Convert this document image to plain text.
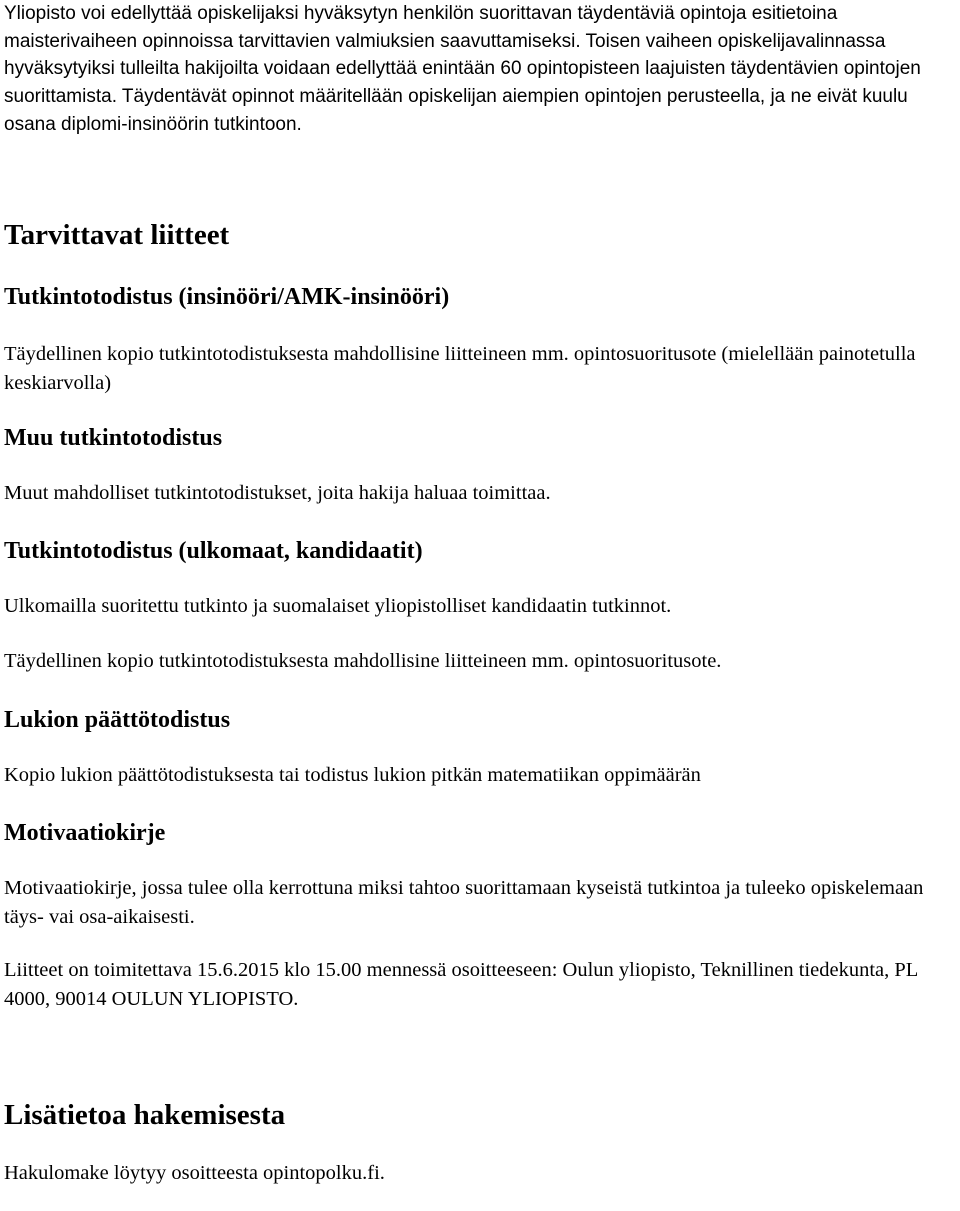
Yliopisto voi edellyttää opiskelijaksi hyväksytyn henkilön suorittavan täydentäviä opintoja esitietoina maisterivaiheen opinnoissa tarvittavien valmiuksien saavuttamiseksi. Toisen vaiheen opiskelijavalinnassa hyväksytyiksi tulleilta hakijoilta voidaan edellyttää enintään 60 opintopisteen laajuisten täydentävien opintojen suorittamista. Täydentävät opinnot määritellään opiskelijan aiempien opintojen perusteella, ja ne eivät kuulu osana diplomi-insinöörin tutkintoon.

Tarvittavat liitteet
Tutkintotodistus (insinööri/AMK-insinööri)

Täydellinen kopio tutkintotodistuksesta mahdollisine liitteineen mm. opintosuoritusote (mielellään painotetulla keskiarvolla)

Muu tutkintotodistus

Muut mahdolliset tutkintotodistukset, joita hakija haluaa toimittaa.

Tutkintotodistus (ulkomaat, kandidaatit)

Ulkomailla suoritettu tutkinto ja suomalaiset yliopistolliset kandidaatin tutkinnot.

Täydellinen kopio tutkintotodistuksesta mahdollisine liitteineen mm. opintosuoritusote.

Lukion päättötodistus

Kopio lukion päättötodistuksesta tai todistus lukion pitkän matematiikan oppimäärän

Motivaatiokirje

Motivaatiokirje, jossa tulee olla kerrottuna miksi tahtoo suorittamaan kyseistä tutkintoa ja tuleeko opiskelemaan täys- vai osa-aikaisesti.

Liitteet on toimitettava 15.6.2015 klo 15.00 mennessä osoitteeseen: Oulun yliopisto, Teknillinen tiedekunta, PL 4000, 90014 OULUN YLIOPISTO.

Lisätietoa hakemisesta

Hakulomake löytyy osoitteesta opintopolku.fi.
